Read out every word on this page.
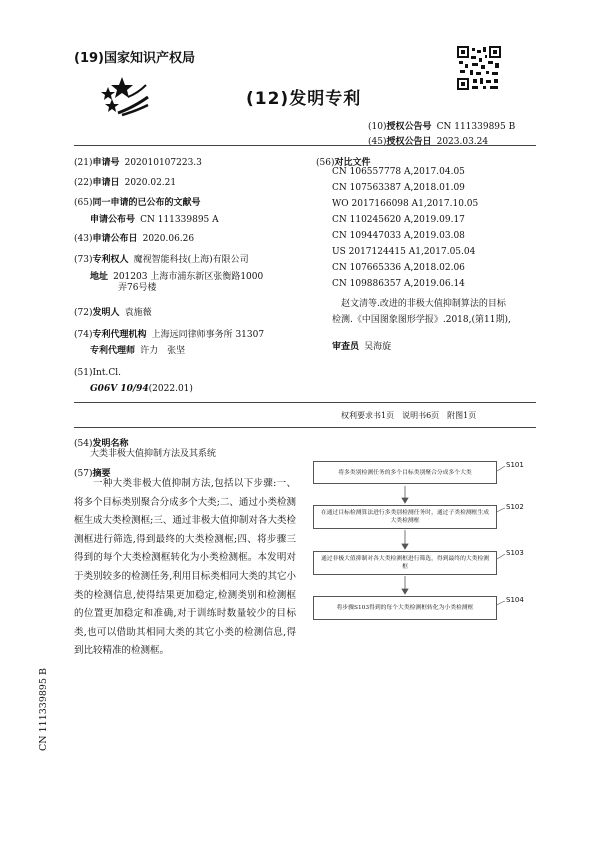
(19)国家知识产权局
(12)发明专利
(10)授权公告号 CN 111339895 B
(45)授权公告日 2023.03.24
(21)申请号 202010107223.3
(22)申请日 2020.02.21
(65)同一申请的已公布的文献号
申请公布号 CN 111339895 A
(43)申请公布日 2020.06.26
(73)专利权人 魔视智能科技(上海)有限公司
地址 201203 上海市浦东新区张衡路1000
弄76号楼
(72)发明人 袁施薇
(74)专利代理机构 上海远同律师事务所 31307
专利代理师 许力　张坚
(51)Int.Cl.
G06V 10/94(2022.01)
(56)对比文件
CN 106557778 A,2017.04.05
CN 107563387 A,2018.01.09
WO 2017166098 A1,2017.10.05
CN 110245620 A,2019.09.17
CN 109447033 A,2019.03.08
US 2017124415 A1,2017.05.04
CN 107665336 A,2018.02.06
CN 109886357 A,2019.06.14
赵文清等.改进的非极大值抑制算法的目标
检测.《中国图象图形学报》.2018,(第11期),
审查员 吴海旋
权利要求书1页　说明书6页　附图1页
(54)发明名称
大类非极大值抑制方法及其系统
(57)摘要
一种大类非极大值抑制方法,包括以下步骤:一、将多个目标类别聚合分成多个大类;二、通过小类检测框生成大类检测框;三、通过非极大值抑制对各大类检测框进行筛选,得到最终的大类检测框;四、将步骤三得到的每个大类检测框转化为小类检测框。本发明对于类别较多的检测任务,利用目标类相同大类的其它小类的检测信息,使得结果更加稳定,检测类别和检测框的位置更加稳定和准确,对于训练时数量较少的目标类,也可以借助其相同大类的其它小类的检测信息,得到比较精准的检测框。
将多类别检测任务的多个目标类别聚合分成多个大类
S101
在通过目标检测算法进行多类别检测任务时，通过子类检测框生成大类检测框
S102
通过非极大值抑制对各大类检测框进行筛选，得到最终的大类检测框
S103
将步骤S103得到的每个大类检测框转化为小类检测框
S104
CN 111339895 B
